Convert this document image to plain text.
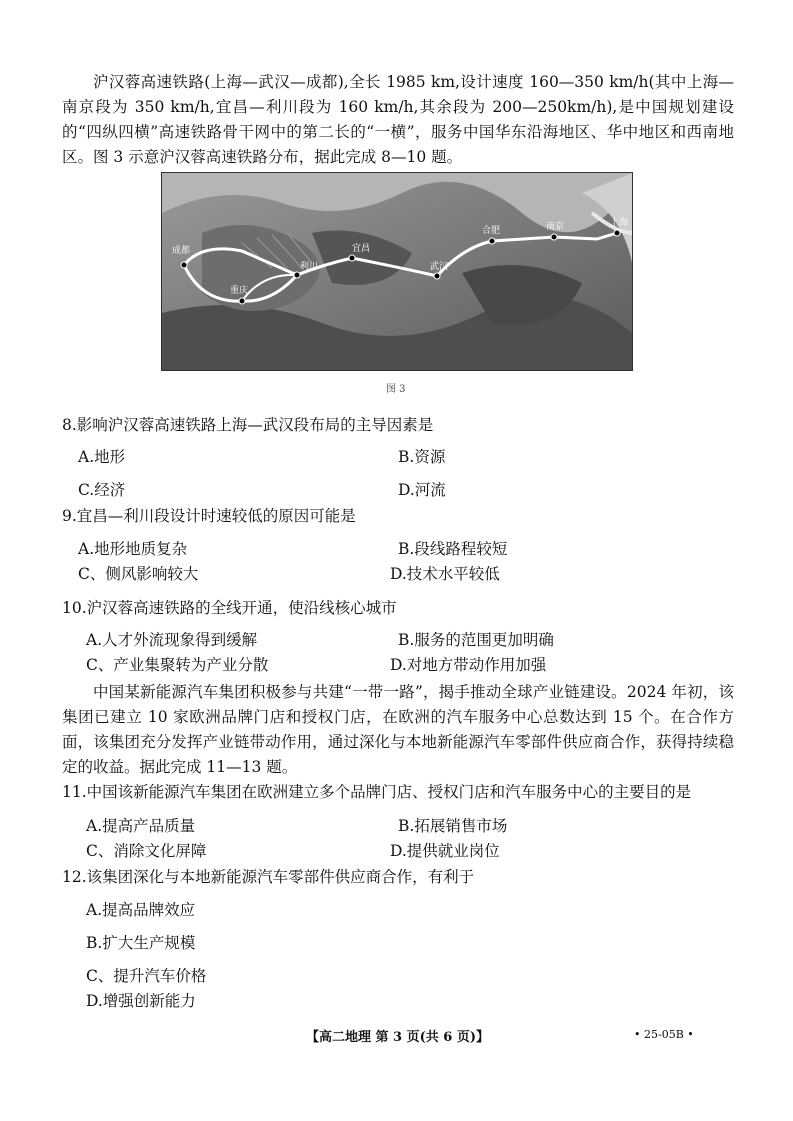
沪汉蓉高速铁路(上海—武汉—成都),全长 1985 km,设计速度 160—350 km/h(其中上海—南京段为 350 km/h,宜昌—利川段为 160 km/h,其余段为 200—250km/h),是中国规划建设的“四纵四横”高速铁路骨干网中的第二长的“一横”，服务中国华东沿海地区、华中地区和西南地区。图 3 示意沪汉蓉高速铁路分布，据此完成 8—10 题。

成都
重庆
利川
宜昌
武汉
合肥	南京	上海
图 3
8.影响沪汉蓉高速铁路上海—武汉段布局的主导因素是
A.地形	B.资源
C.经济	D.河流
9.宜昌—利川段设计时速较低的原因可能是
A.地形地质复杂	B.段线路程较短
C、侧风影响较大	D.技术水平较低
10.沪汉蓉高速铁路的全线开通，使沿线核心城市
A.人才外流现象得到缓解	B.服务的范围更加明确
C、产业集聚转为产业分散	D.对地方带动作用加强

中国某新能源汽车集团积极参与共建“一带一路”，揭手推动全球产业链建设。2024 年初，该集团已建立 10 家欧洲品牌门店和授权门店，在欧洲的汽车服务中心总数达到 15 个。在合作方面，该集团充分发挥产业链带动作用，通过深化与本地新能源汽车零部件供应商合作，获得持续稳定的收益。据此完成 11—13 题。

11.中国该新能源汽车集团在欧洲建立多个品牌门店、授权门店和汽车服务中心的主要目的是
A.提高产品质量	B.拓展销售市场
C、消除文化屏障	D.提供就业岗位
12.该集团深化与本地新能源汽车零部件供应商合作，有利于
A.提高品牌效应
B.扩大生产规模
C、提升汽车价格
D.增强创新能力
【高二地理 第 3 页(共 6 页)】	• 25-05B •
